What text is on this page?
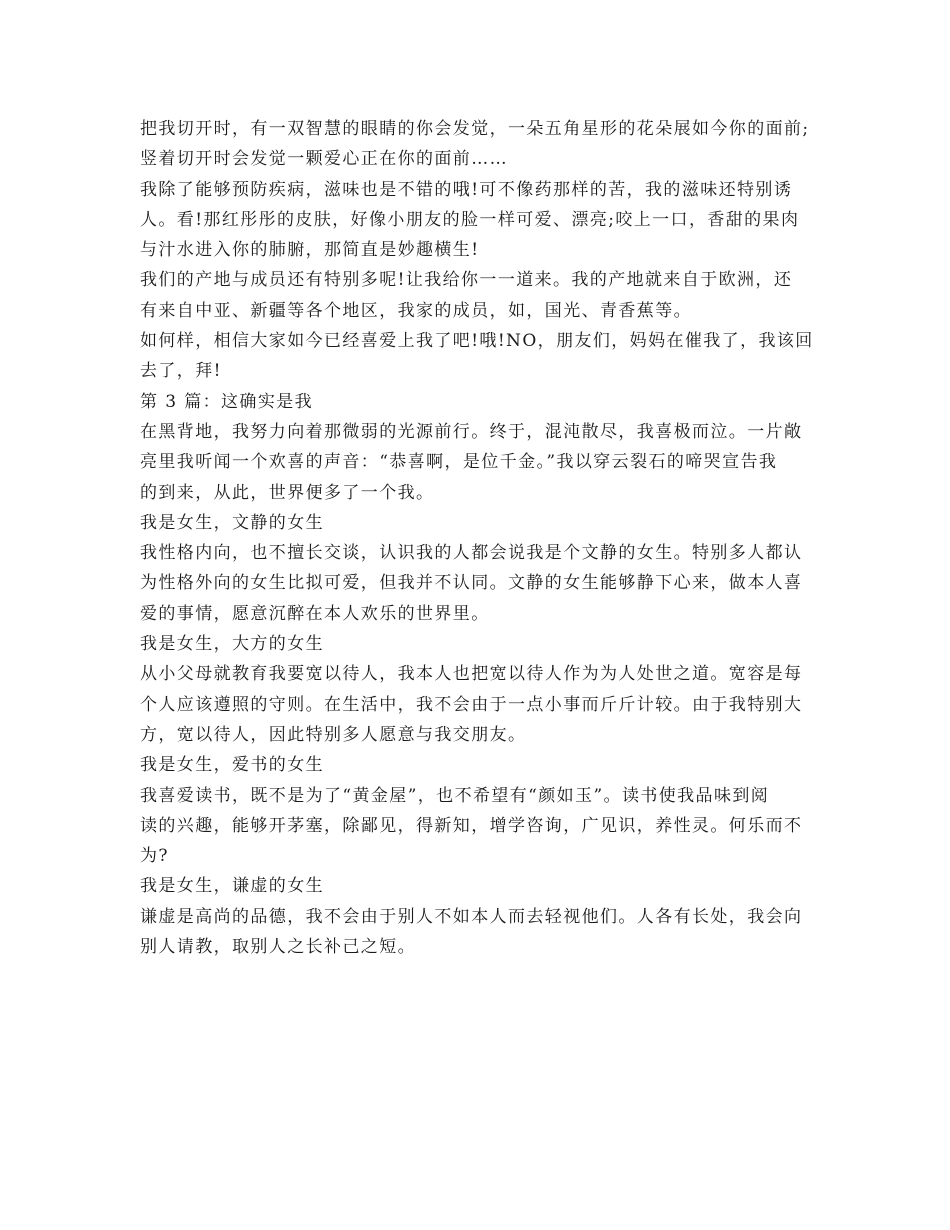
把我切开时，有一双智慧的眼睛的你会发觉，一朵五角星形的花朵展如今你的面前;

竖着切开时会发觉一颗爱心正在你的面前……

我除了能够预防疾病，滋味也是不错的哦!可不像药那样的苦，我的滋味还特别诱

人。看!那红彤彤的皮肤，好像小朋友的脸一样可爱、漂亮;咬上一口，香甜的果肉

与汁水进入你的肺腑，那简直是妙趣横生!

我们的产地与成员还有特别多呢!让我给你一一道来。我的产地就来自于欧洲，还

有来自中亚、新疆等各个地区，我家的成员，如，国光、青香蕉等。

如何样，相信大家如今已经喜爱上我了吧!哦!NO，朋友们，妈妈在催我了，我该回

去了，拜!

第 3 篇：这确实是我

在黑背地，我努力向着那微弱的光源前行。终于，混沌散尽，我喜极而泣。一片敞

亮里我听闻一个欢喜的声音：“恭喜啊，是位千金。”我以穿云裂石的啼哭宣告我

的到来，从此，世界便多了一个我。

我是女生，文静的女生

我性格内向，也不擅长交谈，认识我的人都会说我是个文静的女生。特别多人都认

为性格外向的女生比拟可爱，但我并不认同。文静的女生能够静下心来，做本人喜

爱的事情，愿意沉醉在本人欢乐的世界里。

我是女生，大方的女生

从小父母就教育我要宽以待人，我本人也把宽以待人作为为人处世之道。宽容是每

个人应该遵照的守则。在生活中，我不会由于一点小事而斤斤计较。由于我特别大

方，宽以待人，因此特别多人愿意与我交朋友。

我是女生，爱书的女生

我喜爱读书，既不是为了“黄金屋”，也不希望有“颜如玉”。读书使我品味到阅

读的兴趣，能够开茅塞，除鄙见，得新知，增学咨询，广见识，养性灵。何乐而不

为?

我是女生，谦虚的女生

谦虚是高尚的品德，我不会由于别人不如本人而去轻视他们。人各有长处，我会向

别人请教，取别人之长补己之短。
